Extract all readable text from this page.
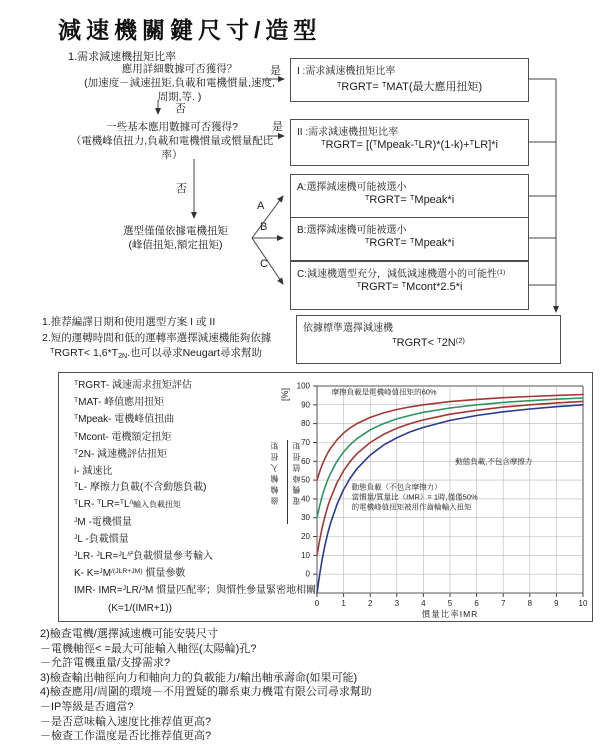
減速機關鍵尺寸/造型
1.需求減速機扭矩比率
應用詳細數據可否獲得？
(加速度－減速扭矩,負載和電機慣量,速度,
周期,等. )
是
否
一些基本應用數據可否獲得?
（電機峰值扭力,負載和電機慣量或慣量配比
率）
是
否
選型僅僅依據電機扭矩
(峰值扭矩,額定扭矩)
A
B
C
I :需求減速機扭矩比率
$^T$RGRT= $^T$MAT(最大應用扭矩)
II :需求減速機扭矩比率
$^T$RGRT= [($^T$Mpeak-$^T$LR)*(1-k)+$^T$LR]*i
A:選擇減速機可能被選小
$^T$RGRT= $^T$Mpeak*i
B:選擇減速機可能被選小
$^T$RGRT= $^T$Mpeak*i
C:減速機選型充分，減低減速機選小的可能性$^{(1)}$
$^T$RGRT= $^T$Mcont*2.5*i
依據標準選擇減速機
$^T$RGRT< $^T2N^{(2)}$
1.推荐編譯日期和使用選型方案 I 或 II
2.短的運轉時間和低的運轉率選擇減速機能夠依據
$^T$RGRT< 1,6*T2N.也可以尋求Neugart尋求幫助
$^T$RGRT- 減速需求扭矩評估
$^T$MAT- 峰值應用扭矩
$^T$Mpeak- 電機峰值扭曲
$^T$Mcont- 電機額定扭矩
$^T$2N- 減速機評估扭矩
i- 減速比
$^T$L- 摩擦力負載(不含動態負載)
$^T$LR- $^TLR=^TL^{/i}$輸入負載扭矩
$^J$M -電機慣量
$^J$L -負載慣量
$^J$LR- $^JLR=^JL^{/i^2}$負載慣量參考輸入
K- $K=^JM^{/(JLR+JM)}$ 慣量參數
IMR- IMR=$^J$LR/$^J$M 慣量匹配率；與慣性參量緊密地相關
(K=1/(IMR+1))
0
10
20
30
40
50
60
70
80
90
100
0	1	2	3	4	5	6	7	8	9 10
慣量比率IMR
摩擦負載是電機峰值扭矩的60%
動態負載,不包含摩擦力
動態負載（不包含摩擦力）當慣量/質量比（IMR）= 1時,僅僅50%的電機峰值扭矩被用作齒輪輸入扭矩
[%]
齒輪輸入扭矩 電機峰值扭矩
2)檢查電機/選擇減速機可能安裝尺寸
－電機軸徑< =最大可能輸入軸徑(太陽輪)孔?
－允許電機重量/支撐需求?
3)檢查輸出軸徑向力和軸向力的負載能力/輸出軸承壽命(如果可能)
4)檢查應用/周圍的環境－不用置疑的聯系東力機電有限公司尋求幫助
－IP等級是否適當?
－是否意味輸入速度比推荐值更高?
－檢查工作溫度是否比推荐值更高?
